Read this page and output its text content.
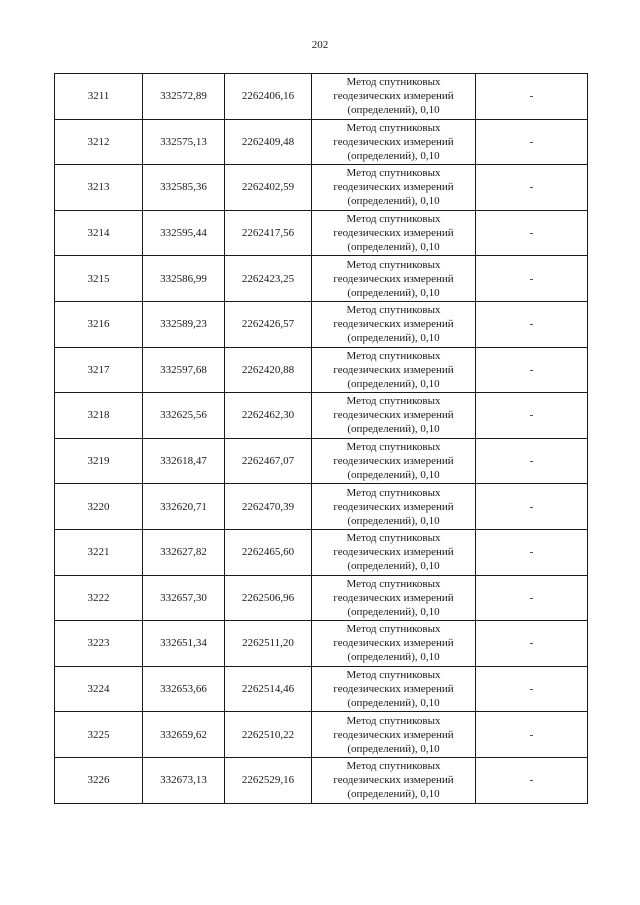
202
3211	332572,89	2262406,16	Метод спутниковых
геодезических измерений
(определений), 0,10	-
3212	332575,13	2262409,48	Метод спутниковых
геодезических измерений
(определений), 0,10	-
3213	332585,36	2262402,59	Метод спутниковых
геодезических измерений
(определений), 0,10	-
3214	332595,44	2262417,56	Метод спутниковых
геодезических измерений
(определений), 0,10	-
3215	332586,99	2262423,25	Метод спутниковых
геодезических измерений
(определений), 0,10	-
3216	332589,23	2262426,57	Метод спутниковых
геодезических измерений
(определений), 0,10	-
3217	332597,68	2262420,88	Метод спутниковых
геодезических измерений
(определений), 0,10	-
3218	332625,56	2262462,30	Метод спутниковых
геодезических измерений
(определений), 0,10	-
3219	332618,47	2262467,07	Метод спутниковых
геодезических измерений
(определений), 0,10	-
3220	332620,71	2262470,39	Метод спутниковых
геодезических измерений
(определений), 0,10	-
3221	332627,82	2262465,60	Метод спутниковых
геодезических измерений
(определений), 0,10	-
3222	332657,30	2262506,96	Метод спутниковых
геодезических измерений
(определений), 0,10	-
3223	332651,34	2262511,20	Метод спутниковых
геодезических измерений
(определений), 0,10	-
3224	332653,66	2262514,46	Метод спутниковых
геодезических измерений
(определений), 0,10	-
3225	332659,62	2262510,22	Метод спутниковых
геодезических измерений
(определений), 0,10	-
3226	332673,13	2262529,16	Метод спутниковых
геодезических измерений
(определений), 0,10	-
